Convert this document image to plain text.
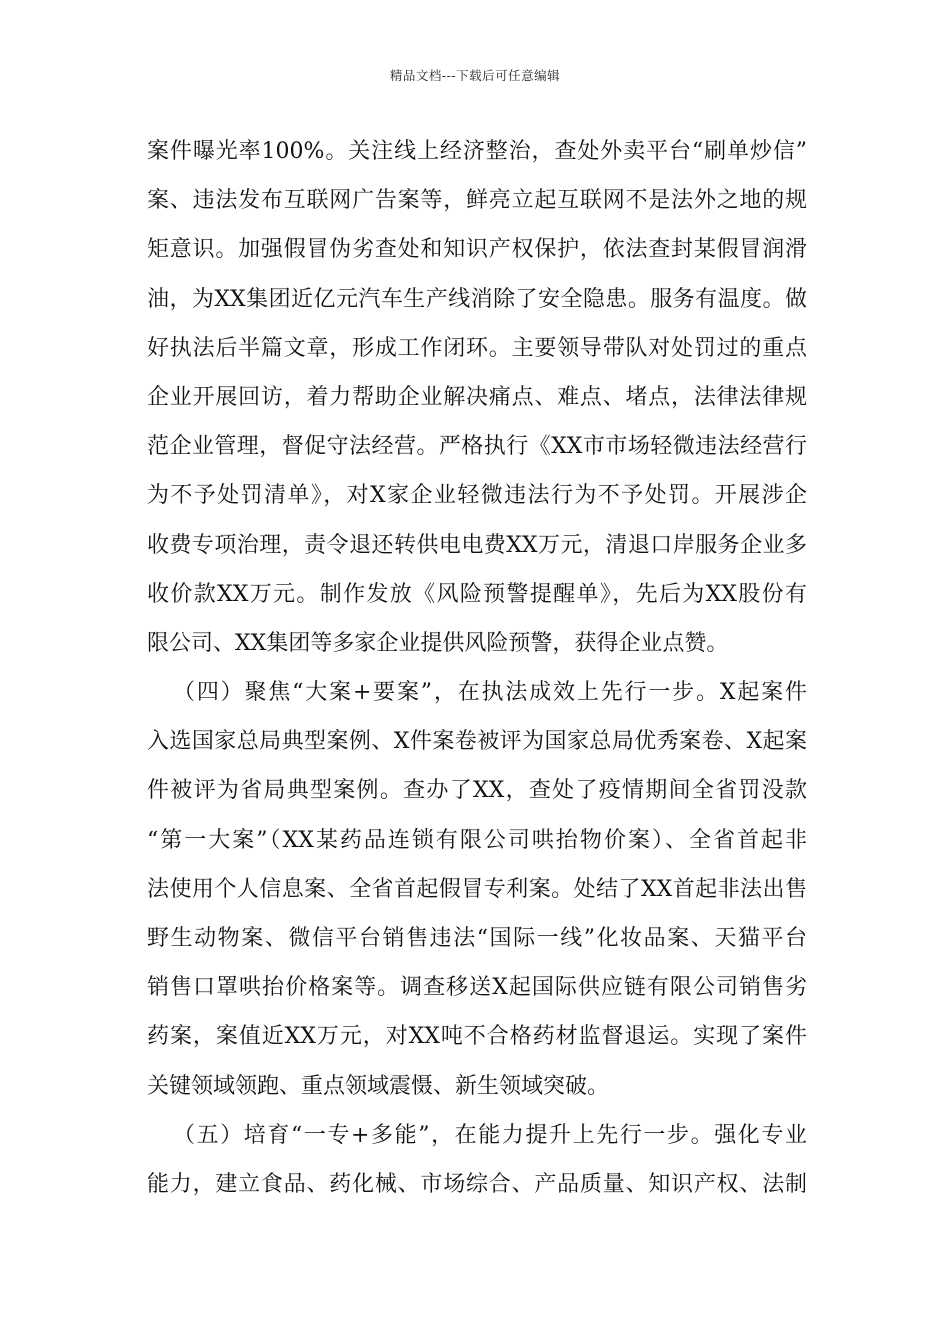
精品文档---下载后可任意编辑
案件曝光率100%。关注线上经济整治，查处外卖平台“刷单炒信”
案、违法发布互联网广告案等，鲜亮立起互联网不是法外之地的规
矩意识。加强假冒伪劣查处和知识产权保护，依法查封某假冒润滑
油，为XX集团近亿元汽车生产线消除了安全隐患。服务有温度。做
好执法后半篇文章，形成工作闭环。主要领导带队对处罚过的重点
企业开展回访，着力帮助企业解决痛点、难点、堵点，法律法律规
范企业管理，督促守法经营。严格执行《XX市市场轻微违法经营行
为不予处罚清单》，对X家企业轻微违法行为不予处罚。开展涉企
收费专项治理，责令退还转供电电费XX万元，清退口岸服务企业多
收价款XX万元。制作发放《风险预警提醒单》，先后为XX股份有
限公司、XX集团等多家企业提供风险预警，获得企业点赞。
（四）聚焦“大案+要案”，在执法成效上先行一步。X起案件
入选国家总局典型案例、X件案卷被评为国家总局优秀案卷、X起案
件被评为省局典型案例。查办了XX，查处了疫情期间全省罚没款
“第一大案”（XX某药品连锁有限公司哄抬物价案）、全省首起非
法使用个人信息案、全省首起假冒专利案。处结了XX首起非法出售
野生动物案、微信平台销售违法“国际一线”化妆品案、天猫平台
销售口罩哄抬价格案等。调查移送X起国际供应链有限公司销售劣
药案，案值近XX万元，对XX吨不合格药材监督退运。实现了案件
关键领域领跑、重点领域震慑、新生领域突破。
（五）培育“一专+多能”，在能力提升上先行一步。强化专业
能力，建立食品、药化械、市场综合、产品质量、知识产权、法制
